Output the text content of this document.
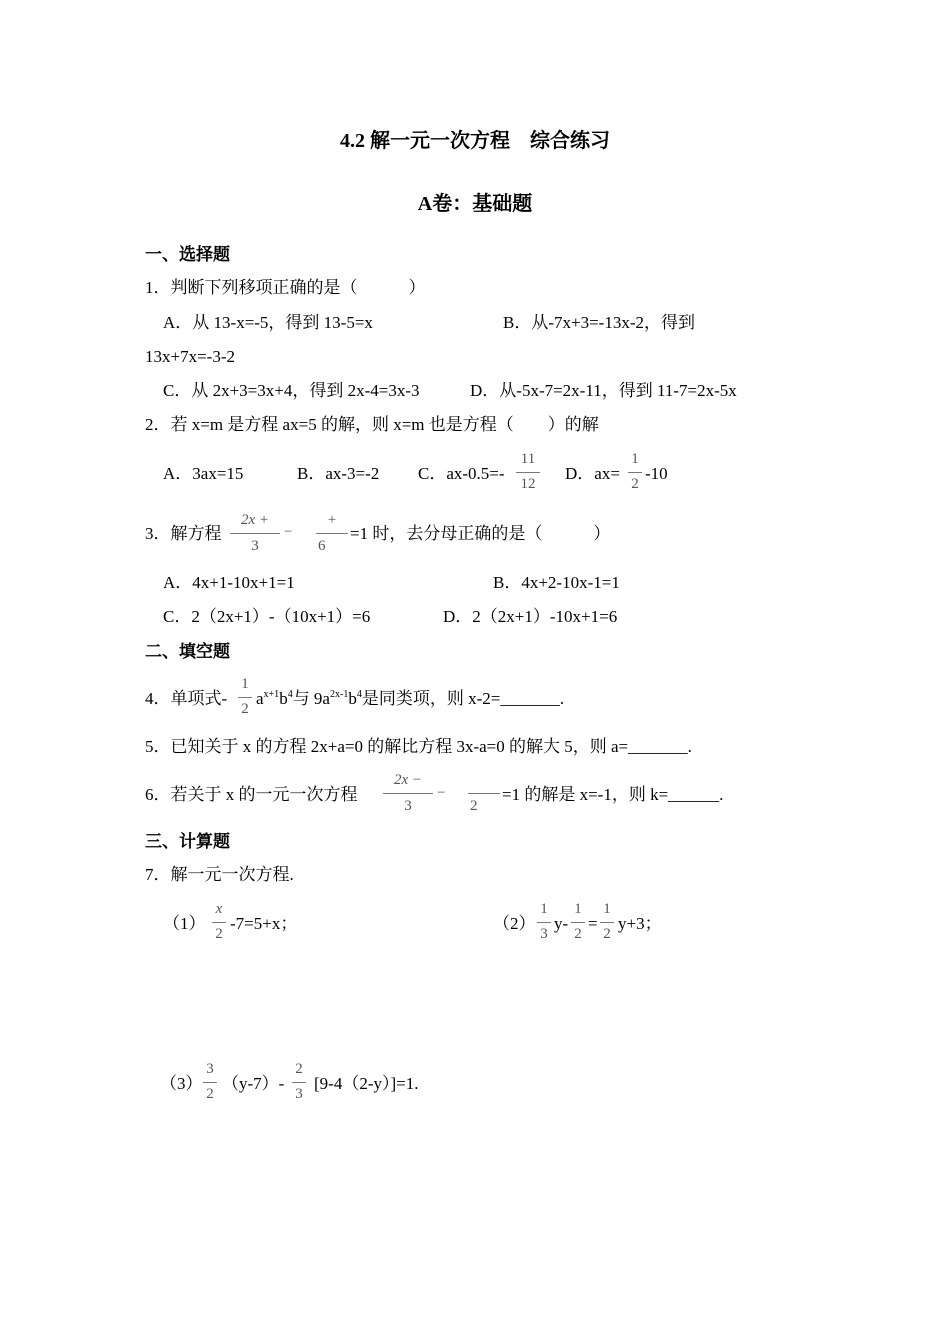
4.2 解一元一次方程　综合练习
A卷：基础题
一、选择题
1．判断下列移项正确的是（　　　）
A．从 13-x=-5，得到 13-5=x	B．从-7x+3=-13x-2，得到
13x+7x=-3-2
C．从 2x+3=3x+4，得到 2x-4=3x-3	D．从-5x-7=2x-11，得到 11-7=2x-5x
2．若 x=m 是方程 ax=5 的解，则 x=m 也是方程（　　）的解
A．3ax=15	B．ax-3=-2 C．ax-0.5=-
11
12
D．ax=
1
2
-10
3．解方程
2x +
3
−
+
6
=1 时，去分母正确的是（　　　）
A．4x+1-10x+1=1	B．4x+2-10x-1=1
C．2（2x+1）-（10x+1）=6	D．2（2x+1）-10x+1=6
二、填空题
4．单项式-
1
2
$a^{x+1}b^4$与 $9a^{2x-1}b^4$是同类项，则 x-2=_______.
5．已知关于 x 的方程 2x+a=0 的解比方程 3x-a=0 的解大 5，则 a=_______.
6．若关于 x 的一元一次方程
2x −
3
−
2
=1 的解是 x=-1，则 k=______.
三、计算题
7．解一元一次方程.
（1）
x
2
-7=5+x；	（2）
1
3
y-
1
2
=
1
2
y+3；
（3）
3
2
（y-7）-
2
3
[9-4（2-y）]=1.
